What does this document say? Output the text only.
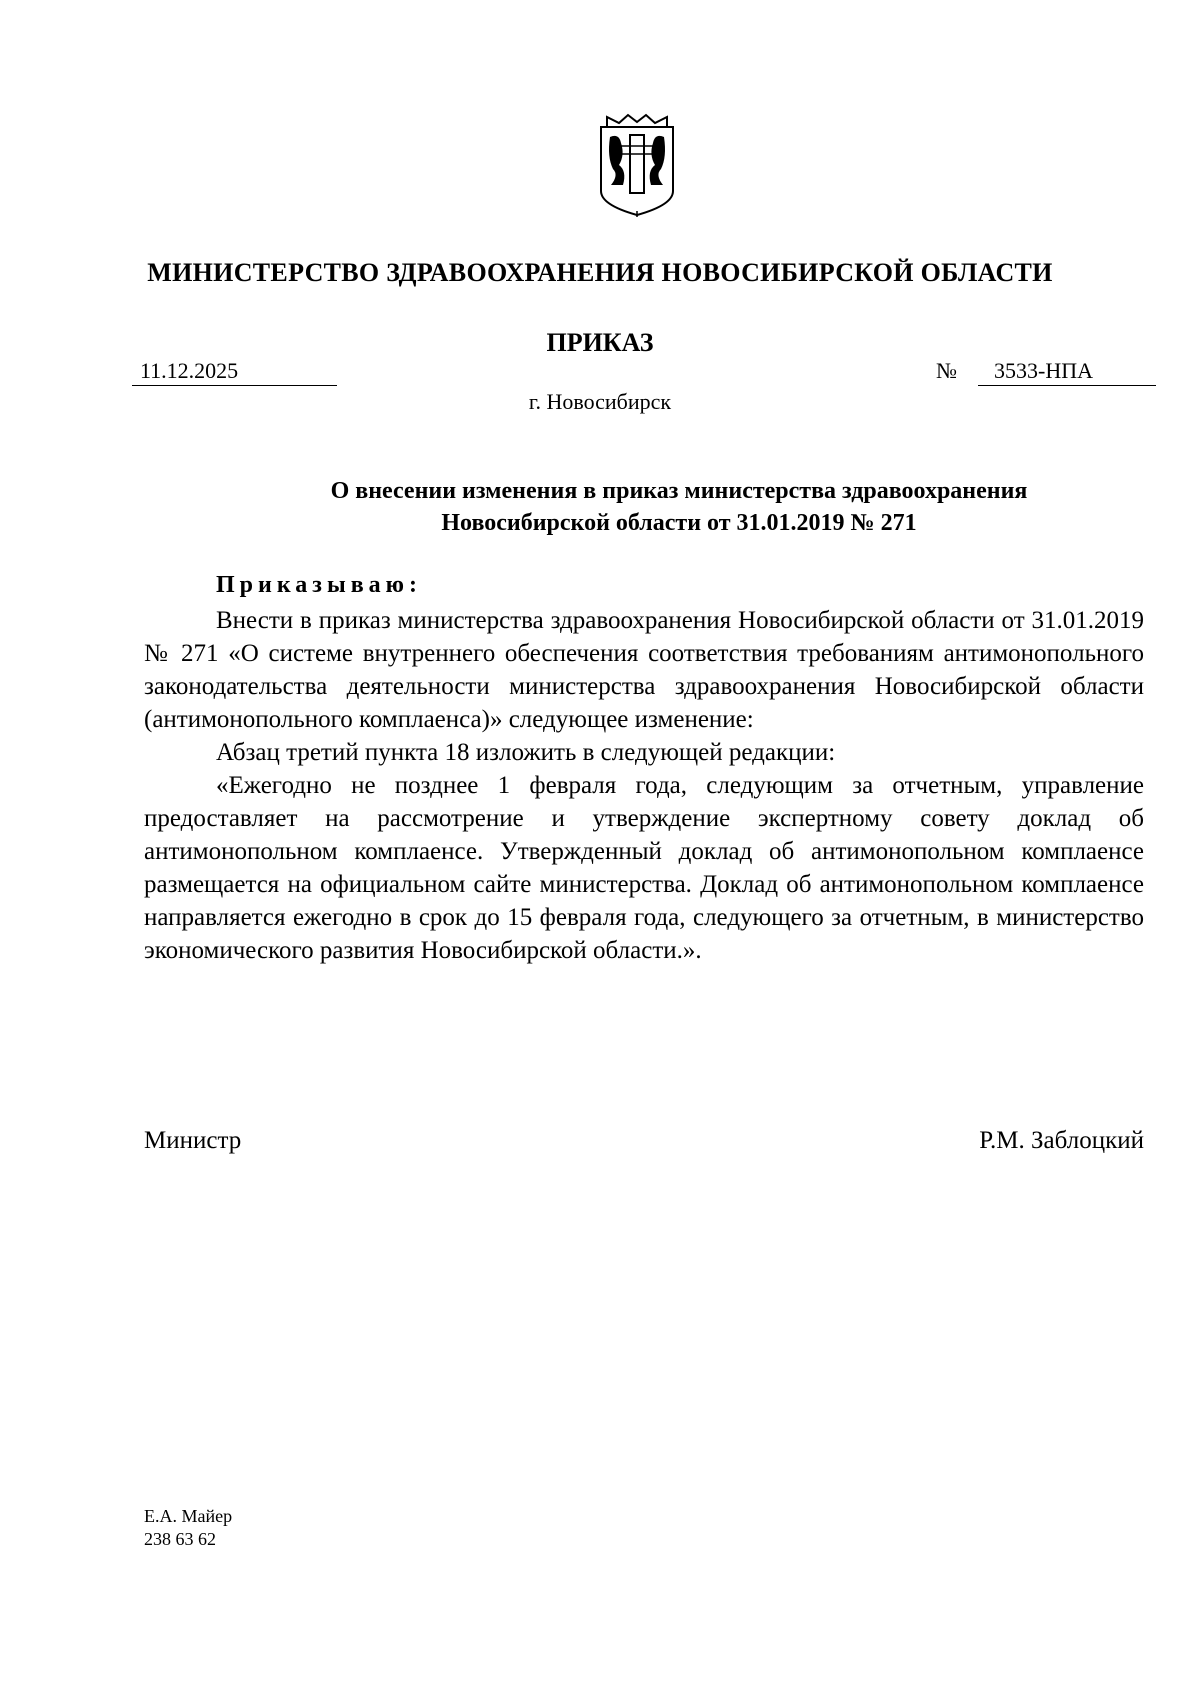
МИНИСТЕРСТВО ЗДРАВООХРАНЕНИЯ НОВОСИБИРСКОЙ ОБЛАСТИ
ПРИКАЗ
11.12.2025	№	3533-НПА
г. Новосибирск
О внесении изменения в приказ министерства здравоохранения
Новосибирской области от 31.01.2019 № 271
Приказываю:

Внести в приказ министерства здравоохранения Новосибирской области от 31.01.2019 № 271 «О системе внутреннего обеспечения соответствия требованиям антимонопольного законодательства деятельности министерства здравоохранения Новосибирской области (антимонопольного комплаенса)» следующее изменение:

Абзац третий пункта 18 изложить в следующей редакции:

«Ежегодно не позднее 1 февраля года, следующим за отчетным, управление предоставляет на рассмотрение и утверждение экспертному совету доклад об антимонопольном комплаенсе. Утвержденный доклад об антимонопольном комплаенсе размещается на официальном сайте министерства. Доклад об антимонопольном комплаенсе направляется ежегодно в срок до 15 февраля года, следующего за отчетным, в министерство экономического развития Новосибирской области.».

Министр	Р.М. Заблоцкий
Е.А. Майер
238 63 62
